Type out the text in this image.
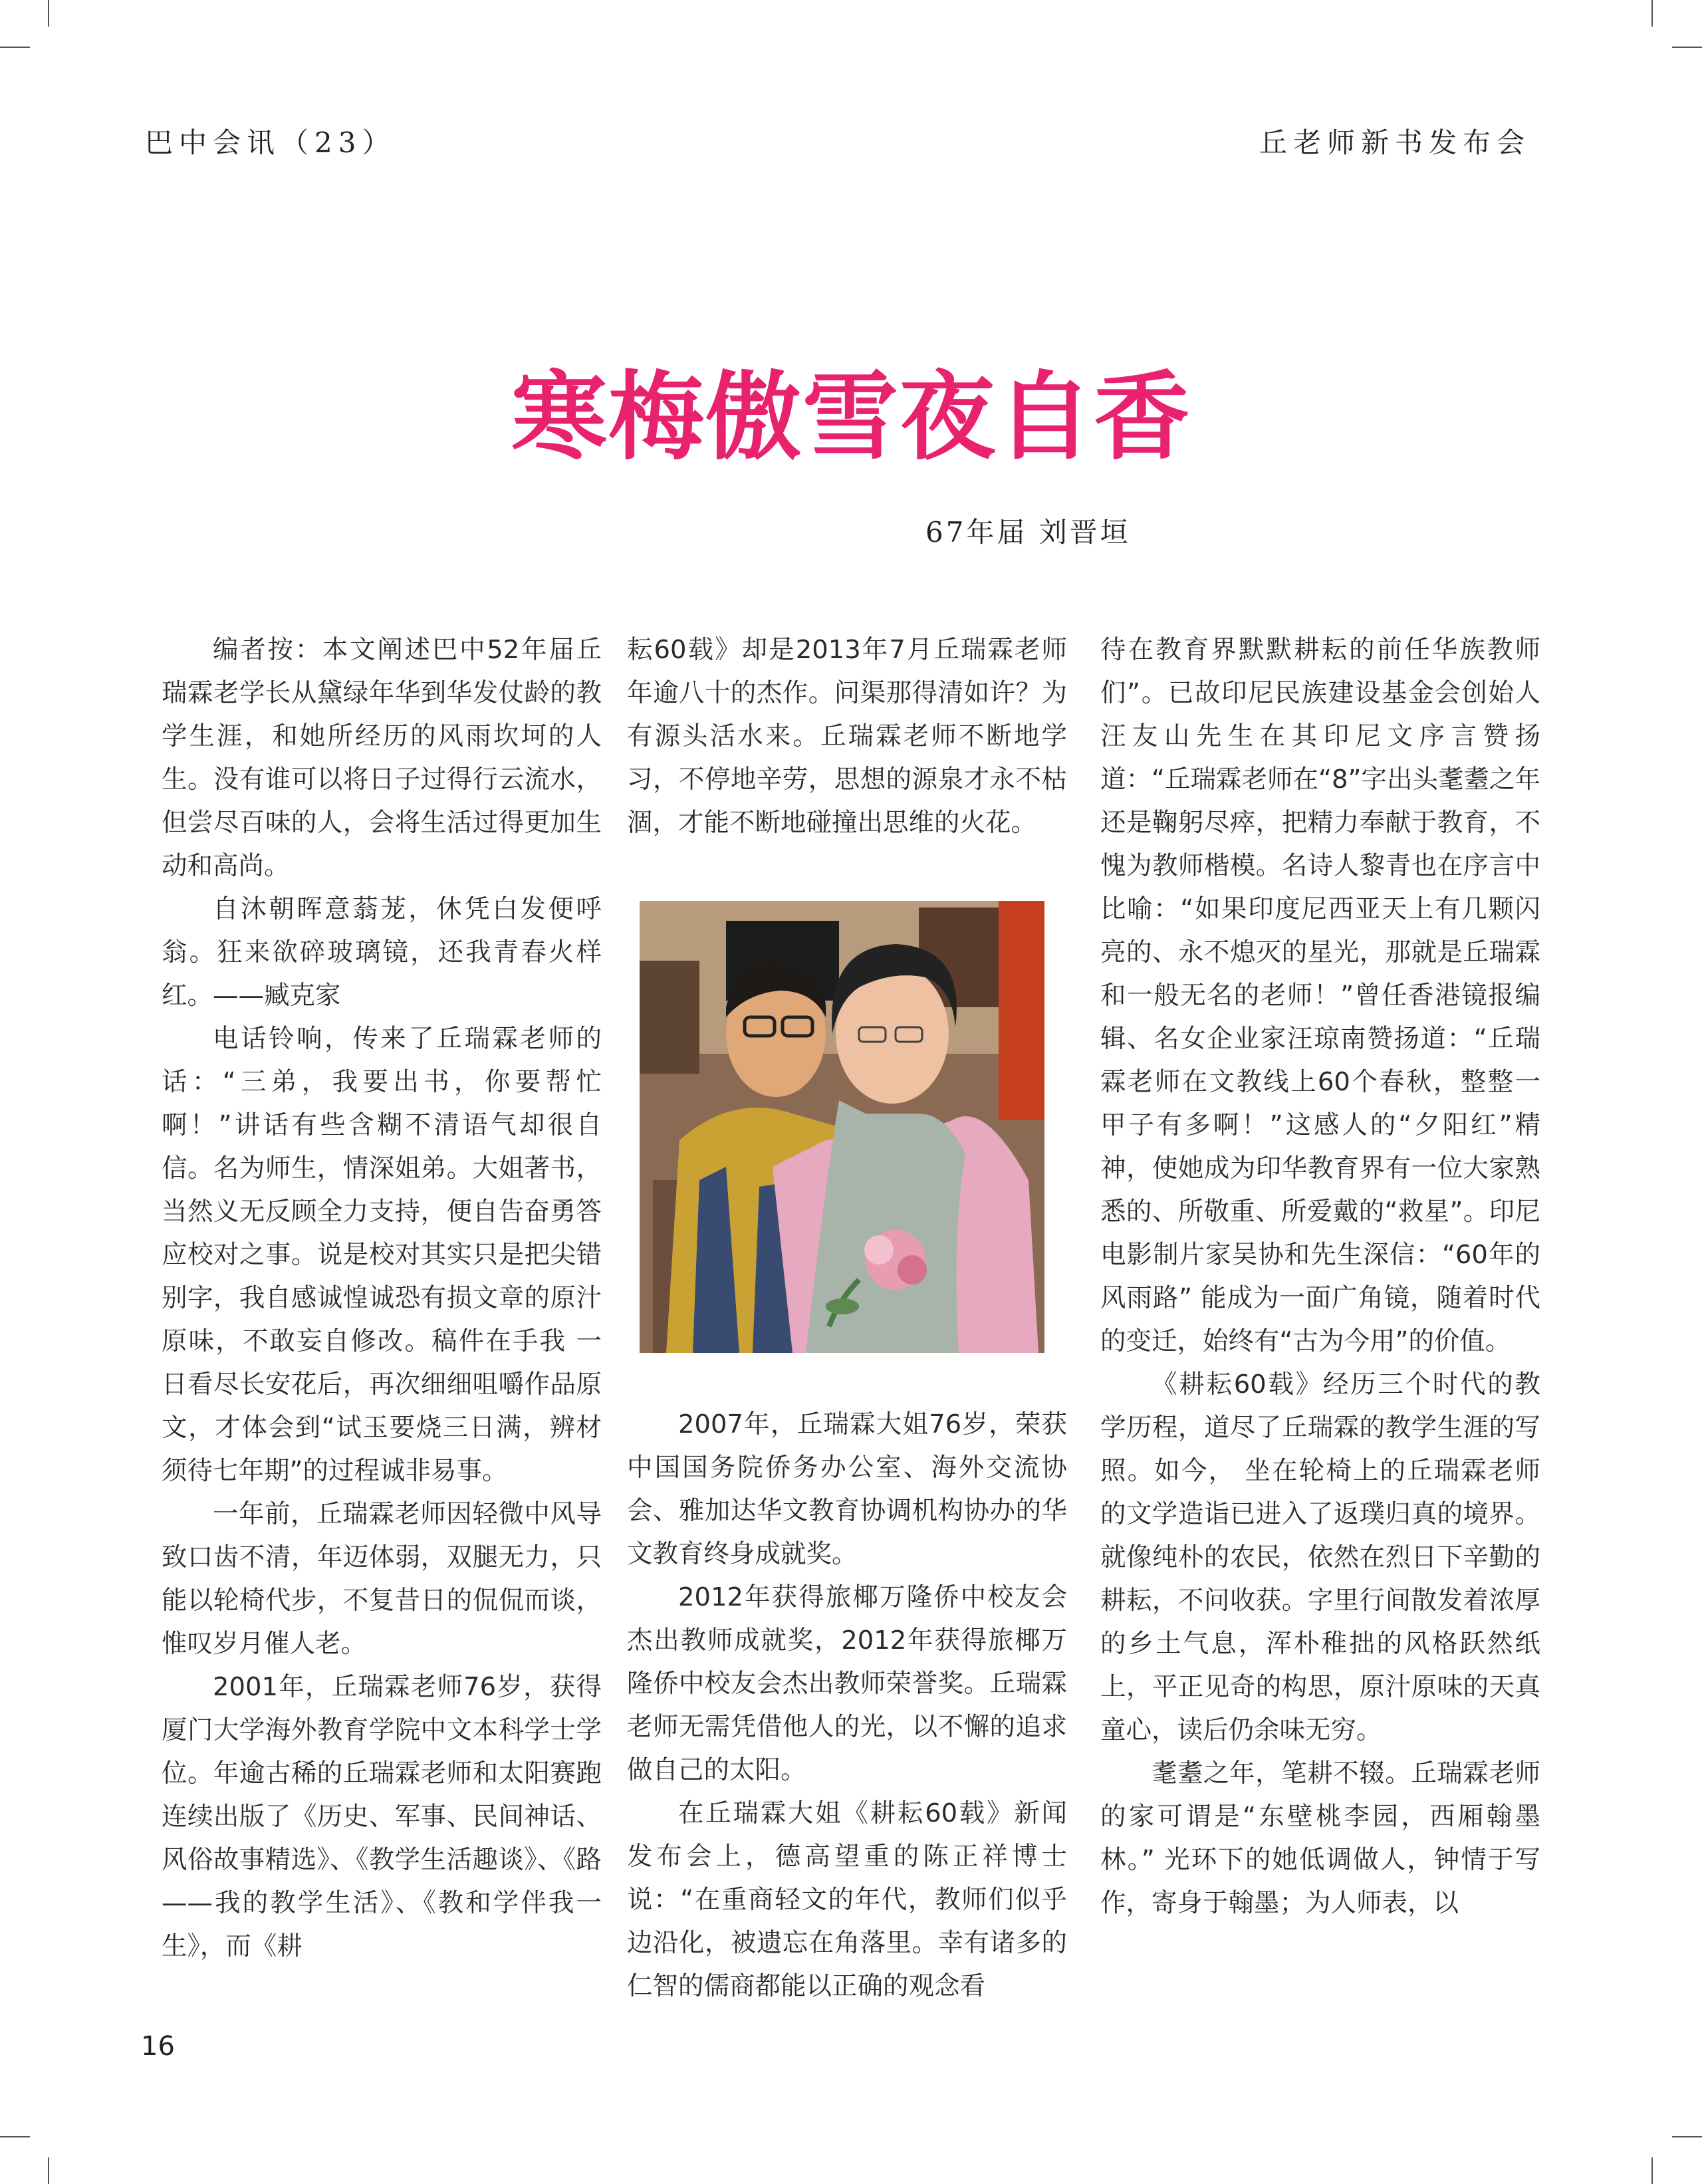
巴中会讯（23）	丘老师新书发布会
寒梅傲雪夜自香
67年届 刘晋垣

编者按：本文阐述巴中52年届丘瑞霖老学长从黛绿年华到华发仗龄的教学生涯，和她所经历的风雨坎坷的人生。没有谁可以将日子过得行云流水，但尝尽百味的人，会将生活过得更加生动和高尚。

自沐朝晖意蓊茏，休凭白发便呼翁。狂来欲碎玻璃镜，还我青春火样红。——臧克家

电话铃响，传来了丘瑞霖老师的话：“三弟，我要出书，你要帮忙啊！”讲话有些含糊不清语气却很自信。名为师生，情深姐弟。大姐著书，当然义无反顾全力支持，便自告奋勇答应校对之事。说是校对其实只是把尖错别字，我自感诚惶诚恐有损文章的原汁原味，不敢妄自修改。稿件在手我 一日看尽长安花后，再次细细咀嚼作品原文，才体会到“试玉要烧三日满，辨材须待七年期”的过程诚非易事。

一年前，丘瑞霖老师因轻微中风导致口齿不清，年迈体弱，双腿无力，只能以轮椅代步，不复昔日的侃侃而谈，惟叹岁月催人老。

2001年，丘瑞霖老师76岁，获得厦门大学海外教育学院中文本科学士学位。年逾古稀的丘瑞霖老师和太阳赛跑连续出版了《历史、军事、民间神话、风俗故事精选》、《教学生活趣谈》、《路——我的教学生活》、《教和学伴我一生》，而《耕

耘60载》却是2013年7月丘瑞霖老师年逾八十的杰作。问渠那得清如许？为有源头活水来。丘瑞霖老师不断地学习，不停地辛劳，思想的源泉才永不枯涸，才能不断地碰撞出思维的火花。

2007年，丘瑞霖大姐76岁，荣获中国国务院侨务办公室、海外交流协会、雅加达华文教育协调机构协办的华文教育终身成就奖。

2012年获得旅椰万隆侨中校友会杰出教师成就奖，2012年获得旅椰万隆侨中校友会杰出教师荣誉奖。丘瑞霖老师无需凭借他人的光，以不懈的追求做自己的太阳。

在丘瑞霖大姐《耕耘60载》新闻发布会上，德高望重的陈正祥博士说：“在重商轻文的年代，教师们似乎边沿化，被遗忘在角落里。幸有诸多的仁智的儒商都能以正确的观念看

待在教育界默默耕耘的前任华族教师们”。已故印尼民族建设基金会创始人汪友山先生在其印尼文序言赞扬道：“丘瑞霖老师在“8”字出头耄耋之年还是鞠躬尽瘁，把精力奉献于教育，不愧为教师楷模。名诗人黎青也在序言中比喻：“如果印度尼西亚天上有几颗闪亮的、永不熄灭的星光，那就是丘瑞霖和一般无名的老师！”曾任香港镜报编辑、名女企业家汪琼南赞扬道：“丘瑞霖老师在文教线上60个春秋，整整一甲子有多啊！”这感人的“夕阳红”精神，使她成为印华教育界有一位大家熟悉的、所敬重、所爱戴的“救星”。印尼电影制片家吴协和先生深信：“60年的风雨路” 能成为一面广角镜，随着时代的变迁，始终有“古为今用”的价值。

《耕耘60载》经历三个时代的教学历程，道尽了丘瑞霖的教学生涯的写照。如今， 坐在轮椅上的丘瑞霖老师的文学造诣已进入了返璞归真的境界。就像纯朴的农民，依然在烈日下辛勤的耕耘，不问收获。字里行间散发着浓厚的乡土气息，浑朴稚拙的风格跃然纸上，平正见奇的构思，原汁原味的天真童心，读后仍余味无穷。

耄耋之年，笔耕不辍。丘瑞霖老师的家可谓是“东壁桃李园，西厢翰墨林。” 光环下的她低调做人，钟情于写作，寄身于翰墨；为人师表，以

16
